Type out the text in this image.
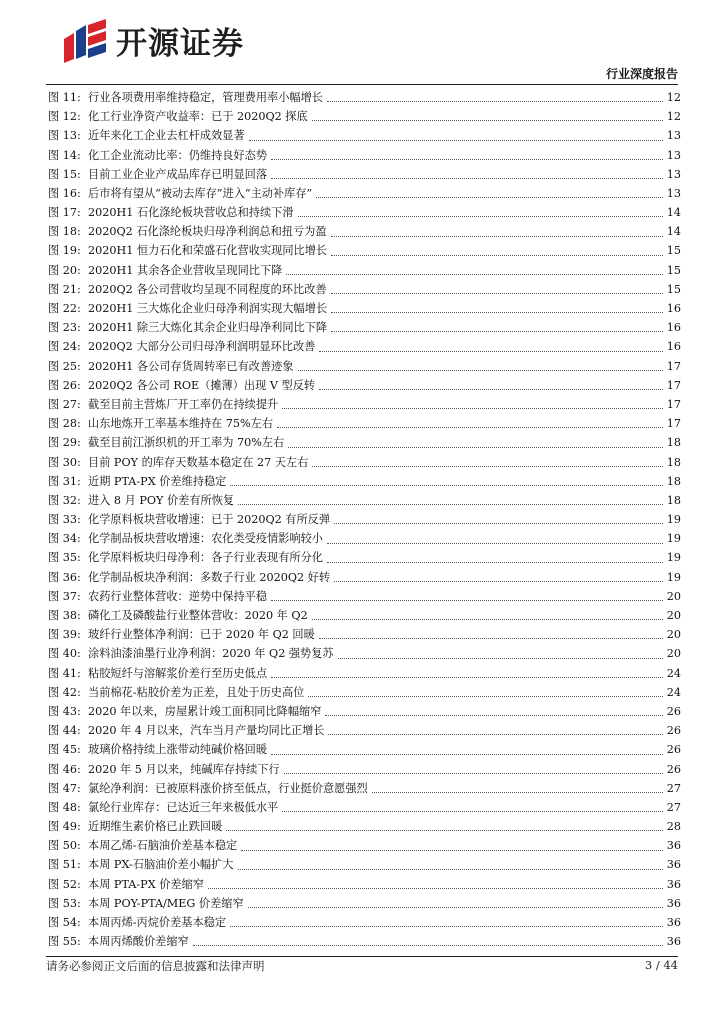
开源证券
行业深度报告
图 11: 行业各项费用率维持稳定，管理费用率小幅增长	12
图 12: 化工行业净资产收益率：已于 2020Q2 探底	12
图 13: 近年来化工企业去杠杆成效显著	13
图 14: 化工企业流动比率：仍维持良好态势	13
图 15: 目前工业企业产成品库存已明显回落	13
图 16: 后市将有望从“被动去库存”进入“主动补库存”	13
图 17: 2020H1 石化涤纶板块营收总和持续下滑	14
图 18: 2020Q2 石化涤纶板块归母净利润总和扭亏为盈	14
图 19: 2020H1 恒力石化和荣盛石化营收实现同比增长	15
图 20: 2020H1 其余各企业营收呈现同比下降	15
图 21: 2020Q2 各公司营收均呈现不同程度的环比改善	15
图 22: 2020H1 三大炼化企业归母净利润实现大幅增长	16
图 23: 2020H1 除三大炼化其余企业归母净利同比下降	16
图 24: 2020Q2 大部分公司归母净利润明显环比改善	16
图 25: 2020H1 各公司存货周转率已有改善迹象	17
图 26: 2020Q2 各公司 ROE（摊薄）出现 V 型反转	17
图 27: 截至目前主营炼厂开工率仍在持续提升	17
图 28: 山东地炼开工率基本维持在 75%左右	17
图 29: 截至目前江浙织机的开工率为 70%左右	18
图 30: 目前 POY 的库存天数基本稳定在 27 天左右	18
图 31: 近期 PTA-PX 价差维持稳定	18
图 32: 进入 8 月 POY 价差有所恢复	18
图 33: 化学原料板块营收增速：已于 2020Q2 有所反弹	19
图 34: 化学制品板块营收增速：农化类受疫情影响较小	19
图 35: 化学原料板块归母净利：各子行业表现有所分化	19
图 36: 化学制品板块净利润：多数子行业 2020Q2 好转	19
图 37: 农药行业整体营收：逆势中保持平稳	20
图 38: 磷化工及磷酸盐行业整体营收：2020 年 Q2	20
图 39: 玻纤行业整体净利润：已于 2020 年 Q2 回暖	20
图 40: 涂料油漆油墨行业净利润：2020 年 Q2 强势复苏	20
图 41: 粘胶短纤与溶解浆价差行至历史低点	24
图 42: 当前棉花-粘胶价差为正差，且处于历史高位	24
图 43: 2020 年以来，房屋累计竣工面积同比降幅缩窄	26
图 44: 2020 年 4 月以来，汽车当月产量均同比正增长	26
图 45: 玻璃价格持续上涨带动纯碱价格回暖	26
图 46: 2020 年 5 月以来，纯碱库存持续下行	26
图 47: 氯纶净利润：已被原料涨价挤至低点，行业挺价意愿强烈	27
图 48: 氯纶行业库存：已达近三年来极低水平	27
图 49: 近期维生素价格已止跌回暖	28
图 50: 本周乙烯-石脑油价差基本稳定	36
图 51: 本周 PX-石脑油价差小幅扩大	36
图 52: 本周 PTA-PX 价差缩窄	36
图 53: 本周 POY-PTA/MEG 价差缩窄	36
图 54: 本周丙烯-丙烷价差基本稳定	36
图 55: 本周丙烯酸价差缩窄	36
请务必参阅正文后面的信息披露和法律声明	3 / 44
